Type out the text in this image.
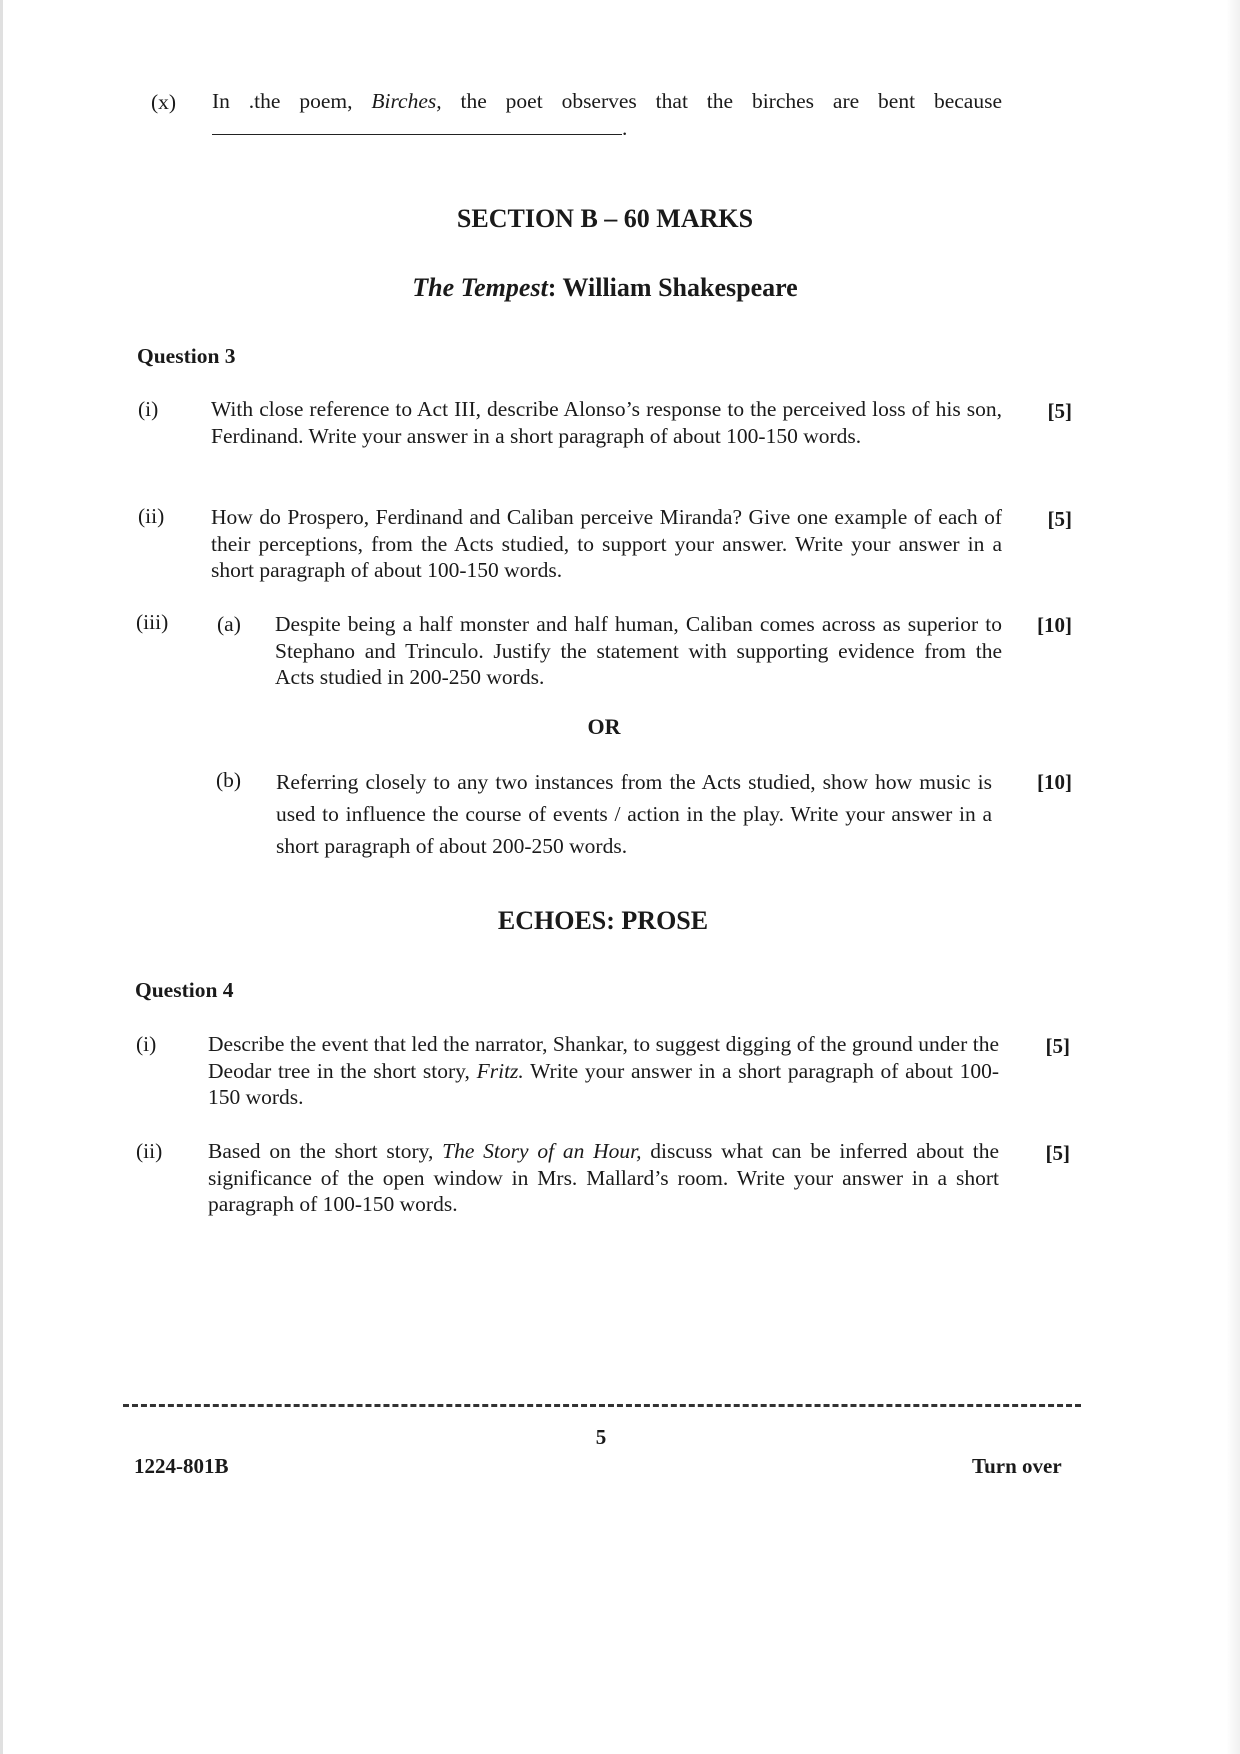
(x) In .the poem, Birches, the poet observes that the birches are bent because .
SECTION B – 60 MARKS
The Tempest: William Shakespeare
Question 3
(i) With close reference to Act III, describe Alonso’s response to the perceived loss of his son, Ferdinand. Write your answer in a short paragraph of about 100-150 words.
[5]
(ii) How do Prospero, Ferdinand and Caliban perceive Miranda? Give one example of each of their perceptions, from the Acts studied, to support your answer. Write your answer in a short paragraph of about 100-150 words.
[5]
(iii) (a) Despite being a half monster and half human, Caliban comes across as superior to Stephano and Trinculo. Justify the statement with supporting evidence from the Acts studied in 200-250 words.
[10]
OR
(b) Referring closely to any two instances from the Acts studied, show how music is used to influence the course of events / action in the play. Write your answer in a short paragraph of about 200-250 words.
[10]
ECHOES: PROSE
Question 4
(i) Describe the event that led the narrator, Shankar, to suggest digging of the ground under the Deodar tree in the short story, Fritz. Write your answer in a short paragraph of about 100-150 words.
[5]
(ii) Based on the short story, The Story of an Hour, discuss what can be inferred about the significance of the open window in Mrs. Mallard’s room. Write your answer in a short paragraph of 100-150 words.
[5]
5
1224-801B	Turn over
